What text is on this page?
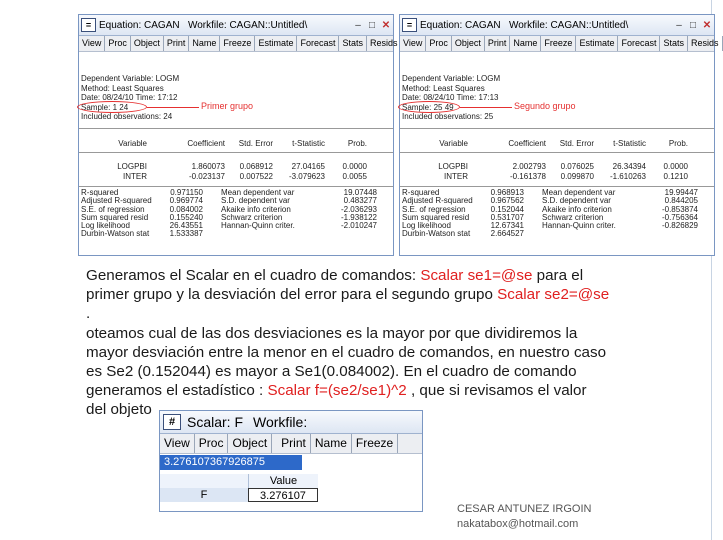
= Equation: CAGAN Workfile: CAGAN::Untitled\	– □ ✕
View Proc Object Print Name Freeze Estimate Forecast Stats Resids
Dependent Variable: LOGM
Method: Least Squares
Date: 08/24/10 Time: 17:12
Sample: 1 24
Included observations: 24
Primer grupo
Variable	Coefficient	Std. Error	t-Statistic	Prob.
LOGPBI	1.860073	0.068912	27.04165	0.0000
INTER	-0.023137	0.007522	-3.079623	0.0055
R-squared	0.971150 Mean dependent var	19.07448
Adjusted R-squared	0.969774 S.D. dependent var	0.483277
S.E. of regression	0.084002 Akaike info criterion	-2.036293
Sum squared resid	0.155240 Schwarz criterion	-1.938122
Log likelihood	26.43551 Hannan-Quinn criter.	-2.010247
Durbin-Watson stat	1.533387
= Equation: CAGAN Workfile: CAGAN::Untitled\	– □ ✕
View Proc Object Print Name Freeze Estimate Forecast Stats Resids
Dependent Variable: LOGM
Method: Least Squares
Date: 08/24/10 Time: 17:13
Sample: 25 49
Included observations: 25
Segundo grupo
Variable	Coefficient	Std. Error	t-Statistic	Prob.
LOGPBI	2.002793	0.076025	26.34394	0.0000
INTER	-0.161378	0.099870	-1.610263	0.1210
R-squared	0.968913 Mean dependent var	19.99447
Adjusted R-squared	0.967562 S.D. dependent var	0.844205
S.E. of regression	0.152044 Akaike info criterion	-0.853874
Sum squared resid	0.531707 Schwarz criterion	-0.756364
Log likelihood	12.67341 Hannan-Quinn criter.	-0.826829
Durbin-Watson stat	2.664527

Generamos el Scalar en el cuadro de comandos: Scalar se1=@se para el

primer grupo y la desviación del error para el segundo grupo Scalar se2=@se

.

oteamos cual de las dos desviaciones es la mayor por que dividiremos la

mayor desviación entre la menor en el cuadro de comandos, en nuestro caso

es Se2 (0.152044) es mayor a Se1(0.084002). En el cuadro de comando

generamos el estadístico : Scalar f=(se2/se1)^2 , que si revisamos el valor

del objeto

# Scalar: F Workfile:
View Proc Object	Print Name Freeze
3.276107367926875
Value
F	3.276107
CESAR ANTUNEZ IRGOIN
nakatabox@hotmail.com
